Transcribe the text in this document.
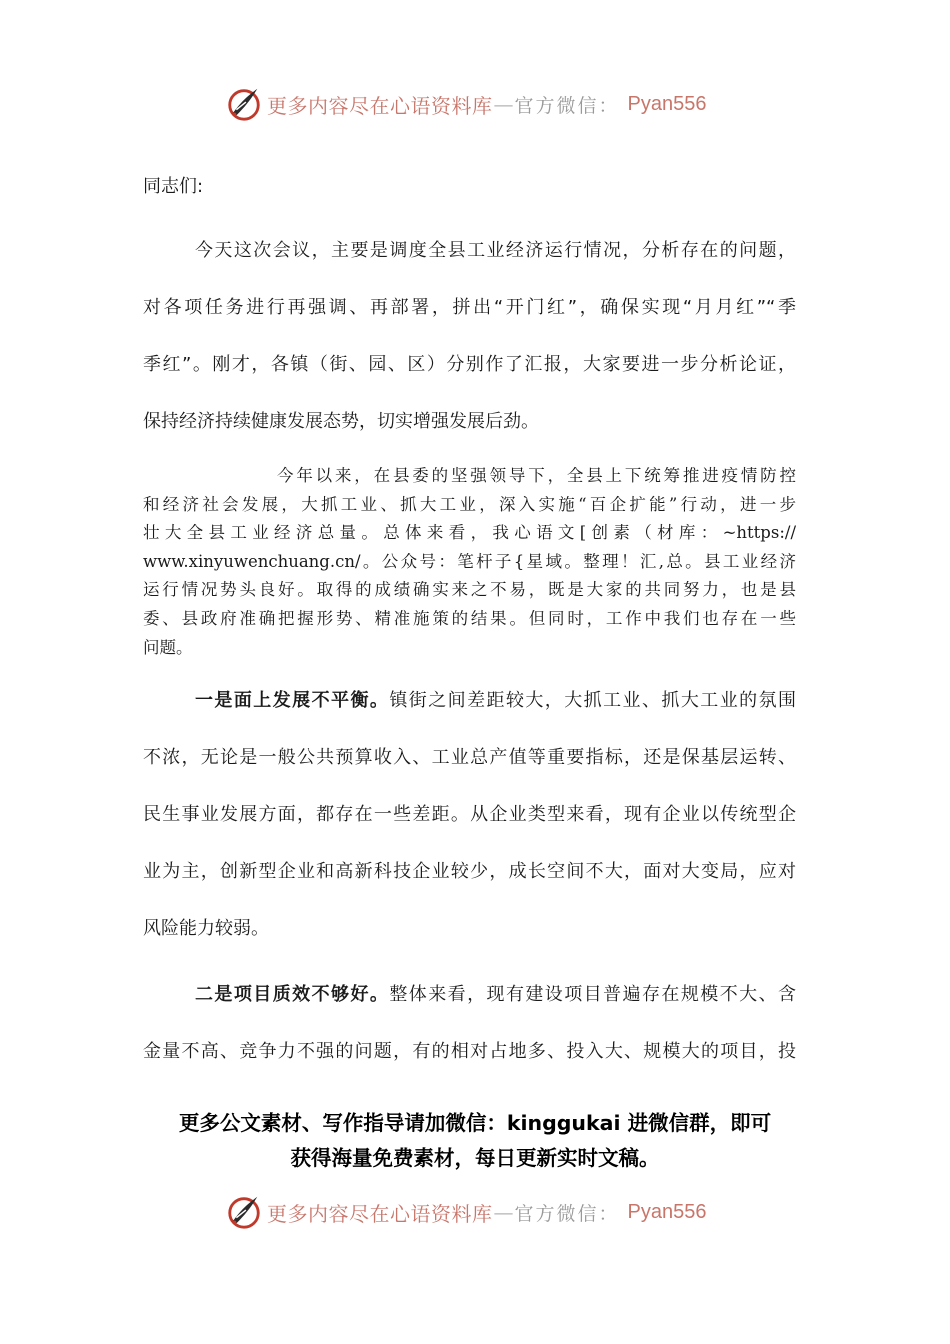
更多内容尽在心语资料库 — 官方微信： Pyan556

同志们:

今天这次会议，主要是调度全县工业经济运行情况，分析存在的问题，
对各项任务进行再强调、再部署，拼出“开门红”，确保实现“月月红”“季
季红”。刚才，各镇（街、园、区）分别作了汇报，大家要进一步分析论证，
保持经济持续健康发展态势，切实增强发展后劲。
今年以来，在县委的坚强领导下，全县上下统筹推进疫情防控
和经济社会发展，大抓工业、抓大工业，深入实施“百企扩能”行动，进一步
壮大全县工业经济总量。总体来看，我心语文[创素（材库：~https://
www.xinyuwenchuang.cn/。公众号：笔杆子{星域。整理！汇,总。县工业经济
运行情况势头良好。取得的成绩确实来之不易，既是大家的共同努力，也是县
委、县政府准确把握形势、精准施策的结果。但同时，工作中我们也存在一些
问题。
一是面上发展不平衡。镇街之间差距较大，大抓工业、抓大工业的氛围
不浓，无论是一般公共预算收入、工业总产值等重要指标，还是保基层运转、
民生事业发展方面，都存在一些差距。从企业类型来看，现有企业以传统型企
业为主，创新型企业和高新科技企业较少，成长空间不大，面对大变局，应对
风险能力较弱。
二是项目质效不够好。整体来看，现有建设项目普遍存在规模不大、含
金量不高、竞争力不强的问题，有的相对占地多、投入大、规模大的项目，投
更多公文素材、写作指导请加微信：kinggukai 进微信群，即可
获得海量免费素材，每日更新实时文稿。
更多内容尽在心语资料库 — 官方微信： Pyan556
